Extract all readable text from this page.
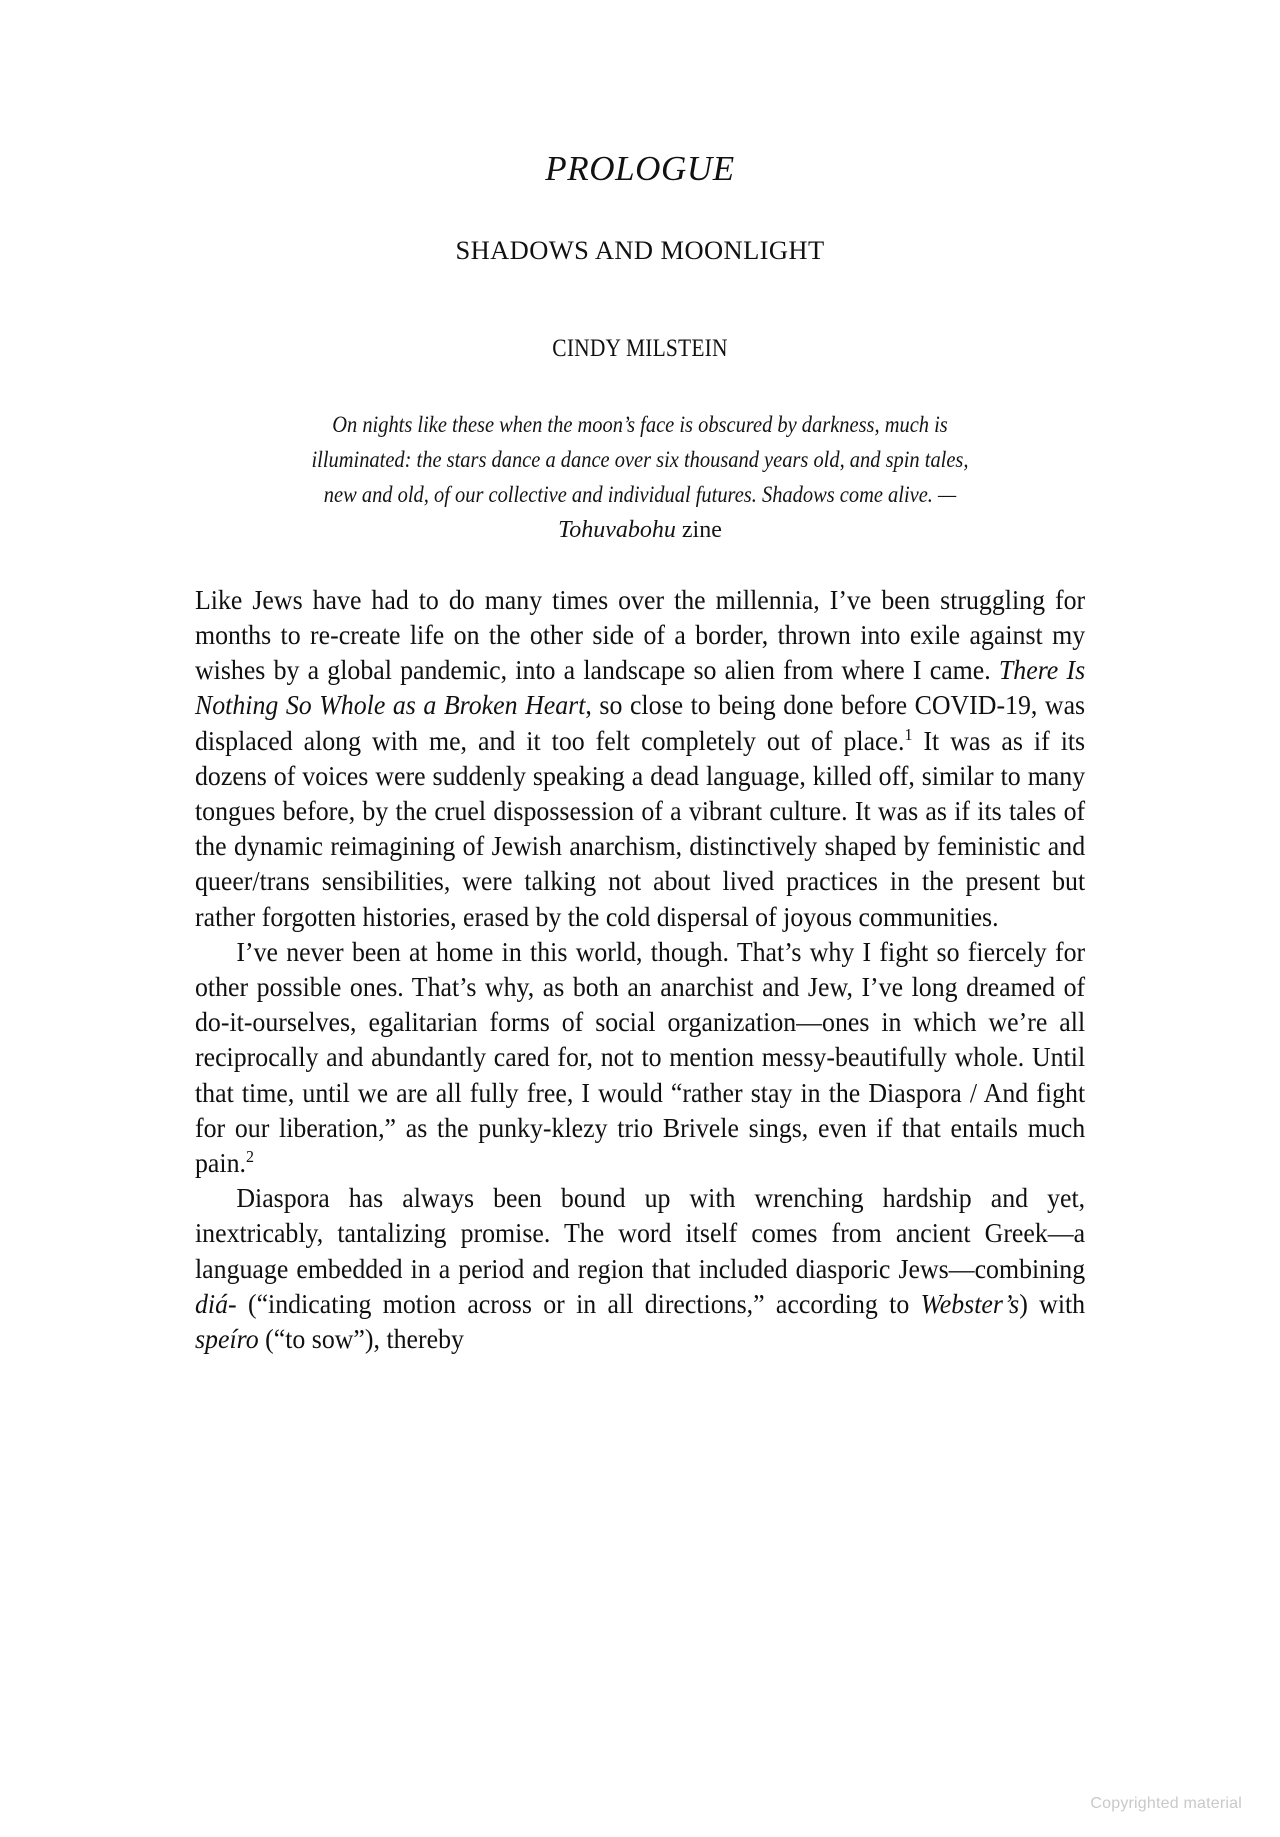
PROLOGUE
SHADOWS AND MOONLIGHT
CINDY MILSTEIN
On nights like these when the moon’s face is obscured by darkness, much is illuminated: the stars dance a dance over six thousand years old, and spin tales, new and old, of our collective and individual futures. Shadows come alive. —
Tohuvabohu zine

Like Jews have had to do many times over the millennia, I’ve been struggling for months to re-create life on the other side of a border, thrown into exile against my wishes by a global pandemic, into a landscape so alien from where I came. There Is Nothing So Whole as a Broken Heart, so close to being done before COVID-19, was displaced along with me, and it too felt completely out of place.$^1$ It was as if its dozens of voices were suddenly speaking a dead language, killed off, similar to many tongues before, by the cruel dispossession of a vibrant culture. It was as if its tales of the dynamic reimagining of Jewish anarchism, distinctively shaped by feministic and queer/trans sensibilities, were talking not about lived practices in the present but rather forgotten histories, erased by the cold dispersal of joyous communities.

I’ve never been at home in this world, though. That’s why I fight so fiercely for other possible ones. That’s why, as both an anarchist and Jew, I’ve long dreamed of do-it-ourselves, egalitarian forms of social organization—ones in which we’re all reciprocally and abundantly cared for, not to mention messy-beautifully whole. Until that time, until we are all fully free, I would “rather stay in the Diaspora / And fight for our liberation,” as the punky-klezy trio Brivele sings, even if that entails much pain.$^2$

Diaspora has always been bound up with wrenching hardship and yet, inextricably, tantalizing promise. The word itself comes from ancient Greek—a language embedded in a period and region that included diasporic Jews—combining diá- (“indicating motion across or in all directions,” according to Webster’s) with speíro (“to sow”), thereby

Copyrighted material
